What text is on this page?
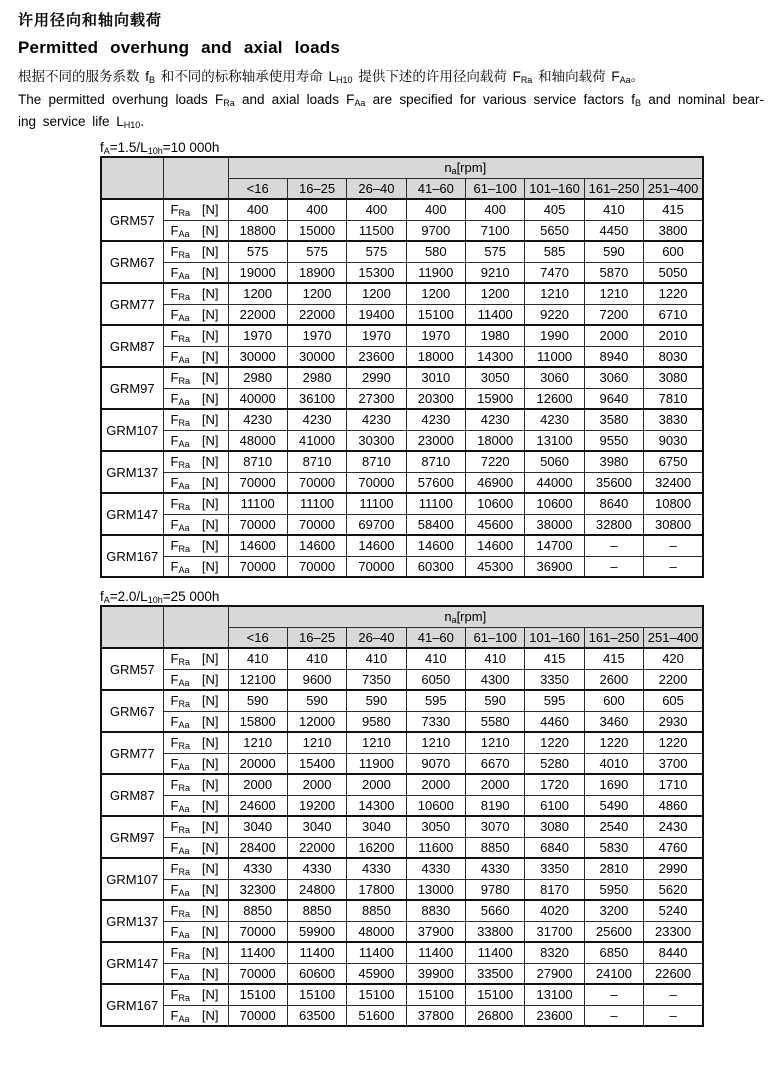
许用径向和轴向载荷
Permitted overhung and axial loads
根据不同的服务系数 $f_B$ 和不同的标称轴承使用寿命 $L_{H10}$ 提供下述的许用径向载荷 $F_{Ra}$ 和轴向载荷 $F_{Aa}$。
The permitted overhung loads $F_{Ra}$ and axial loads $F_{Aa}$ are specified for various service factors $f_B$ and nominal bear-
ing service life $L_{H10}$.
$f_A=1.5/L_{10h}=10$ 000h
		$n_a[rpm]$							
		<16	16–25	26–40	41–60	61–100	101–160	161–250	251–400
GRM57	$F_{Ra}$ [N]	400	400	400	400	400	405	410	415

	$F_{Aa}$ [N]	18800	15000	11500	9700	7100	5650	4450	3800
GRM67	$F_{Ra}$ [N]	575	575	575	580	575	585	590	600

	$F_{Aa}$ [N]	19000	18900	15300	11900	9210	7470	5870	5050
GRM77	$F_{Ra}$ [N]	1200	1200	1200	1200	1200	1210	1210	1220

	$F_{Aa}$ [N]	22000	22000	19400	15100	11400	9220	7200	6710
GRM87	$F_{Ra}$ [N]	1970	1970	1970	1970	1980	1990	2000	2010

	$F_{Aa}$ [N]	30000	30000	23600	18000	14300	11000	8940	8030
GRM97	$F_{Ra}$ [N]	2980	2980	2990	3010	3050	3060	3060	3080

	$F_{Aa}$ [N]	40000	36100	27300	20300	15900	12600	9640	7810
GRM107	$F_{Ra}$ [N]	4230	4230	4230	4230	4230	4230	3580	3830

	$F_{Aa}$ [N]	48000	41000	30300	23000	18000	13100	9550	9030
GRM137	$F_{Ra}$ [N]	8710	8710	8710	8710	7220	5060	3980	6750

	$F_{Aa}$ [N]	70000	70000	70000	57600	46900	44000	35600	32400
GRM147	$F_{Ra}$ [N]	11100	11100	11100	11100	10600	10600	8640	10800

	$F_{Aa}$ [N]	70000	70000	69700	58400	45600	38000	32800	30800
GRM167	$F_{Ra}$ [N]	14600	14600	14600	14600	14600	14700	–	–

	$F_{Aa}$ [N]	70000	70000	70000	60300	45300	36900	–	–
$f_A=2.0/L_{10h}=25$ 000h
		$n_a[rpm]$							
		<16	16–25	26–40	41–60	61–100	101–160	161–250	251–400
GRM57	$F_{Ra}$ [N]	410	410	410	410	410	415	415	420

	$F_{Aa}$ [N]	12100	9600	7350	6050	4300	3350	2600	2200
GRM67	$F_{Ra}$ [N]	590	590	590	595	590	595	600	605

	$F_{Aa}$ [N]	15800	12000	9580	7330	5580	4460	3460	2930
GRM77	$F_{Ra}$ [N]	1210	1210	1210	1210	1210	1220	1220	1220

	$F_{Aa}$ [N]	20000	15400	11900	9070	6670	5280	4010	3700
GRM87	$F_{Ra}$ [N]	2000	2000	2000	2000	2000	1720	1690	1710

	$F_{Aa}$ [N]	24600	19200	14300	10600	8190	6100	5490	4860
GRM97	$F_{Ra}$ [N]	3040	3040	3040	3050	3070	3080	2540	2430

	$F_{Aa}$ [N]	28400	22000	16200	11600	8850	6840	5830	4760
GRM107	$F_{Ra}$ [N]	4330	4330	4330	4330	4330	3350	2810	2990

	$F_{Aa}$ [N]	32300	24800	17800	13000	9780	8170	5950	5620
GRM137	$F_{Ra}$ [N]	8850	8850	8850	8830	5660	4020	3200	5240

	$F_{Aa}$ [N]	70000	59900	48000	37900	33800	31700	25600	23300
GRM147	$F_{Ra}$ [N]	11400	11400	11400	11400	11400	8320	6850	8440

	$F_{Aa}$ [N]	70000	60600	45900	39900	33500	27900	24100	22600
GRM167	$F_{Ra}$ [N]	15100	15100	15100	15100	15100	13100	–	–

	$F_{Aa}$ [N]	70000	63500	51600	37800	26800	23600	–	–
